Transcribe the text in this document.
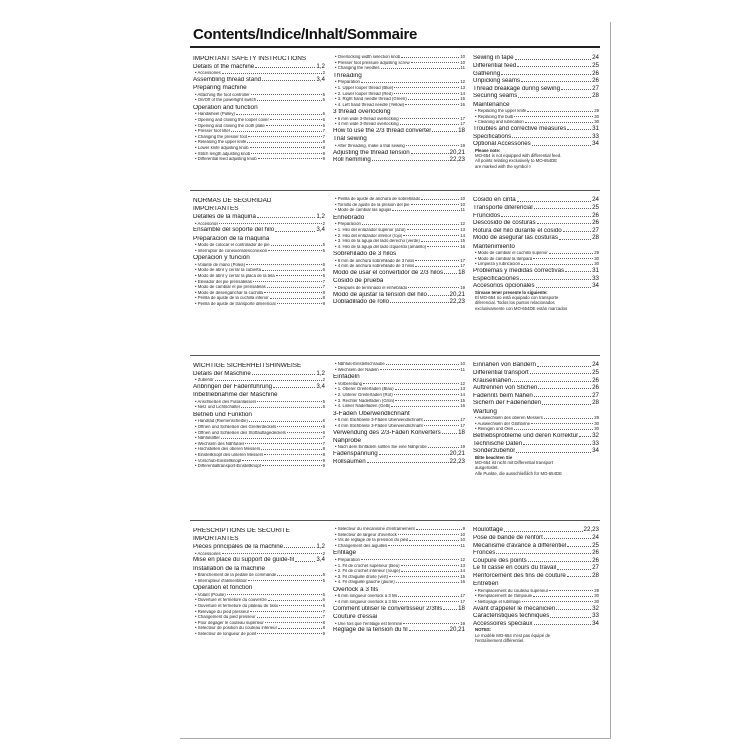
Contents/Indice/Inhalt/Sommaire
IMPORTANT SAFETY INSTRUCTIONS
Details of the machine	1,2
• Accessories	2
Assembling thread stand	3,4
Preparing machine
• Attaching the foot controller	5
• On/Off of the powerlight switch	5
Operation and function
• Handwheel (Pulley)	6
• Opening and closing the looper cover	6
• Opening and closing the cloth plate	6
• Presser foot lifter	7
• Changing the presser foot	7
• Releasing the upper knife	8
• Lower knife adjusting knob	8
• Stitch length adjusting knob	9
• Differential feed adjusting knob	9
• Overlocking width selection knob	10
• Presser foot pressure adjusting screw	10
• Changing the needles	11
Threading
• Preparation	12
• 1. Upper looper thread (Blue)	13
• 2. Lower looper thread (Red)	14
• 3. Right hand needle thread (Green)	15
• 4. Left hand thread needle (Yellow)	16
3 thread overlocking
• 6 mm wide 3-thread overlocking	17
• 4 mm wide 3-thread overlocking	17
How to use the 2/3 thread converter	18
Trial sewing
• After threading, make a trial sewing	19
Adjusting the thread tension	20,21
Roll hemming	22,23
Sewing in tape	24
Differential feed	25
Gathering	26
Unpicking seams	26
Thread breakage during sewing	27
Securing seams	28
Maintenance
• Replacing the upper knife	29
• Replacing the bulb	30
• Cleaning and lubrication	30
Troubles and corrective measures	31
Specifications	33
Optional Accessories	34
Please note:
MO-654 is not equipped with differential feed.
All points relating exclusively to MO-654DE
are marked with the symbol ◊
NORMAS DE SEGURIDAD
IMPORTANTES
Detalles de la máquina	1,2
• Accesorios	2
Ensamble del soporte del hilo	3,4
Preparación de la máquina
• Modo de colocar el controlador de pie	5
• Interruptor de conexión/desconexión	5
Operación y función
• Volante de mano (Polea)	6
• Modo de abrir y cerrar la cubierta	6
• Modo de abrir y cerrar la placa de la tela	6
• Elevador del pie prensatelas	7
• Modo de cambiar el pie prensatelas	7
• Modo de desenganchar la cuchilla	8
• Perilla de ajuste de la cuchilla inferior	8
• Perilla de ajuste de transporte diferencial	9
• Perilla de ajuste de anchura de sobrehilado	10
• Tornillo de ajuste de la presión del pie	10
• Modo de cambiar las agujas	11
Enhebrado
• Preparación	12
• 1. Hilo del enlazador superior (azul)	13
• 2. Hilo del enlazador inferior (rojo)	14
• 3. Hilo de la aguja del lado derecho (verde)	15
• 4. Hilo de la aguja del lado izquierdo (amarillo)	16
Sobrehilado de 3 hilos
• 6 mm de anchura sobrehilado de 3 hilos	17
• 4 mm de anchura sobrehilado de 3 hilos	17
Modo de usar el convertidor de 2/3 hilos 18
Cosido de prueba
• Después de terminado el enhebrado	19
Modo de ajustar la tensión del hilo	20,21
Dobladillado de rollo	22,23
Cosido en cinta	24
Transporte diferencial	25
Fruncidos	26
Descosido de costuras	26
Rotura del hilo durante el cosido	27
Modo de asegurar las costuras	28
Mantenimiento
• Modo de cambiar el cuchillo superior	29
• Modo de cambiar la lámpara	30
• Limpieza y lubricación	30
Problemas y medidas correctivas	31
Especificaciones	33
Accesorios opcionales	34
Sírvase tener presente lo siguiente:
El MO-654 no está equipado con transporte
diferencial. Todos los puntos relacionados
exclusivamente con MO-654DE están marcados
WICHTIGE SICHERHEITSHINWEISE
Details der Maschine	1,2
• Zubehör	2
Anbringen der Fadenführung	3,4
Inbetriebnahme der Maschine
• Anschließen des Fußanlassers	5
• Netz und Lichtschalter	5
Betrieb und Funktion
• Handrad (Riemenscheibe)	6
• Öffnen und Schließen des Greiferdeckels	6
• Öffnen und Schließen des Stoffauflagedeckels	6
• Nähfußlifter	7
• Wechseln des Nähfußes	7
• Hochstellen des oberen Messers	8
• Einstellknopf des unteren Messers	8
• Vorschub-Einstellknopf	9
• Differentialtransport-Einstellknopf	9
• Nähfuß-Einstellschraube	10
• Wechseln der Nadeln	11
Einfädeln
• Vorbereitung	12
• 1. Oberer Greiferfaden (Blau)	13
• 2. Unterer Greiferfaden (Rot)	14
• 3. Rechter Nadelfaden (Grün)	15
• 4. Linker Nadelfaden (Gelb)	16
3-Fäden Überwendlichnaht
• 6 mm Stichbreite 3-Fäden Überwendlichnaht	17
• 4 mm Stichbreite 3-Fäden Überwendlichnaht	17
Verwendung des 2/3-Fäden Konverters	18
Nähprobe
• Nach dem Einfädeln sollten Sie eine Nähprobe	19
Fadenspannung	20,21
Rollsäumen	22,23
Einnähen von Bändern	24
Differential transport	25
Kräuselnähen	26
Auftrennen von Stichen	26
Fadenriß beim Nähen	27
Sichern der Fadenenden	28
Wartung
• Auswechseln des oberen Messers	29
• Auswechseln der Glühbirne	30
• Reinigen und Ölen	30
Betriebsprobleme und deren Korrektur 32
Technische Daten	33
Sonderzubehör	34
Bitte beachten Sie
MO-654 ist nicht mit Differential transport
ausgerüstet.
Alle Punkte, die ausschließlich für MO-654DE
PRESCRIPTIONS DE SECURITE
IMPORTANTES
Pièces principales de la machine	1,2
• Accessoires	2
Mise en place du support de guide-fil	3,4
Installation de la machine
• Branchement de la pédale de commande	5
• Interrupteur d'alimentation	5
Opération et fonction
• Volant (Poulie)	6
• Ouverture et fermeture du couvercle	6
• Ouverture et fermeture du plateau de tissu	6
• Relevage du pied presseur	7
• Changement du pied presseur	7
• Pour dégager le couteau supérieur	8
• Sélecteur de position du couteau inférieur	8
• Sélecteur de longueur de point	9
• Sélecteur du mécanisme d'entraînement	9
• Sélecteur de largeur d'overlock	10
• Vis de réglage de la pression du pied	10
• Changement des aiguilles	11
Enfilage
• Préparation	12
• 1. Fil de crochet supérieur (bleu)	13
• 2. Fil de crochet inférieur (rouge)	14
• 3. Fil d'aiguille droite (vert)	15
• 4. Fil d'aiguille gauche (jaune)	16
Overlock à 3 fils
• 6 mm longueur overlock à 3 fils	17
• 4 mm longueur overlock à 3 fils	17
Comment utiliser le convertisseur 2/3fils	18
Couture d'essai
• Une fois que l'enfilage est terminé	19
Réglage de la tension du fil	20,21
Roulottage	22,23
Pose de bande de renfort	24
Mécanisme d'avance à différentiel	25
Fronces	26
Coupure des points	26
Le fil cassé en cours du travail	27
Renforcement des fins de couture	28
Entretien
• Remplacement du couteau supérieur	29
• Remplacement de l'ampoule	30
• Nettoyage et lubrifiage	30
Avant d'appeler le mécanicien	32
Caractéristiques techniques	33
Accessoires spéciaux	34
NOTES:
Le modèle MO-654 n'est pas équipé de
l'entraînement différentiel.
